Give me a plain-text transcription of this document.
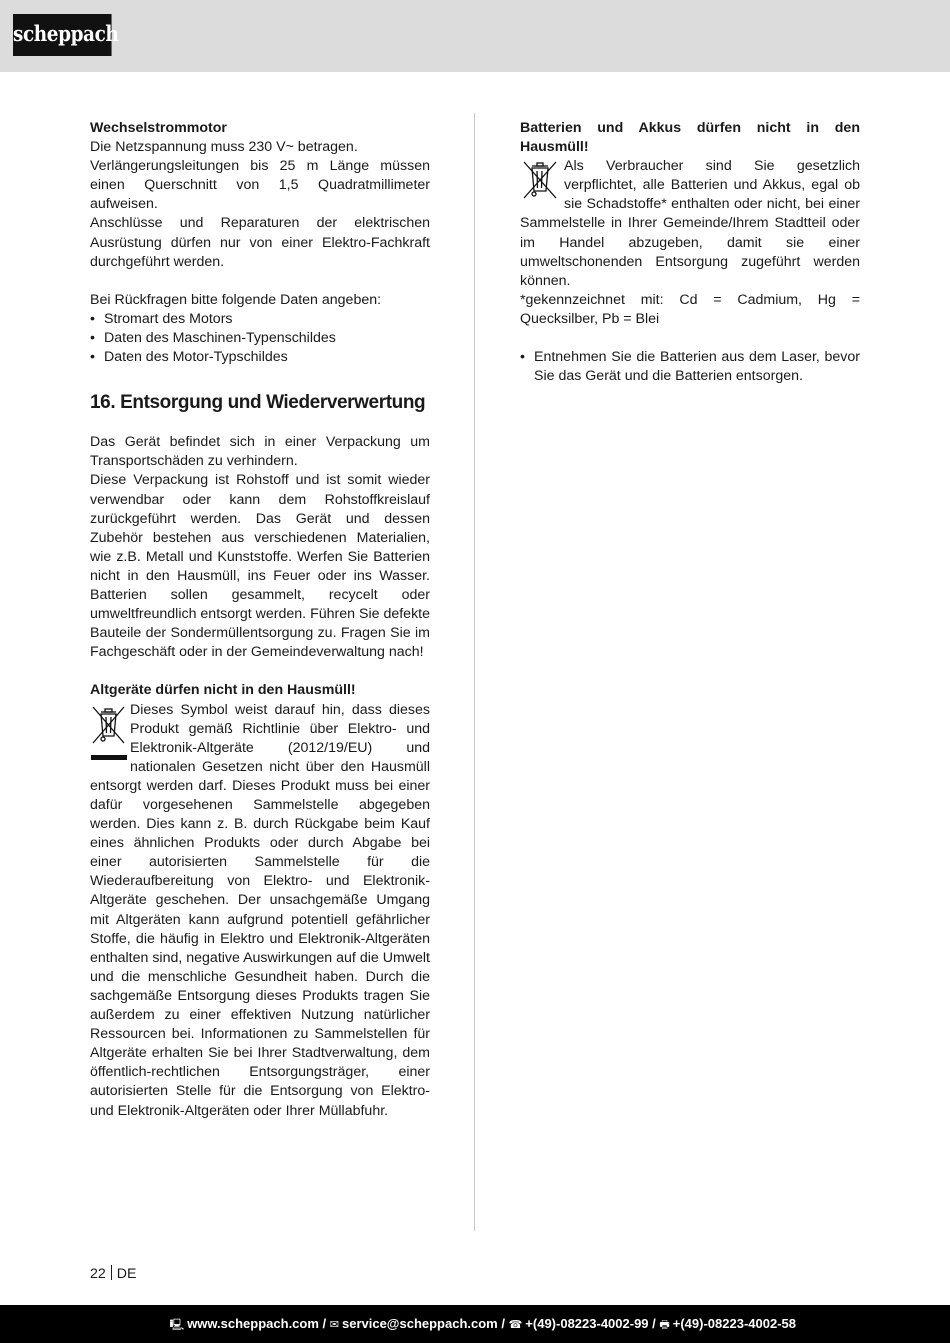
scheppach

Wechselstrommotor

Die Netzspannung muss 230 V~ betragen.

Verlängerungsleitungen bis 25 m Länge müssen einen Querschnitt von 1,5 Quadratmillimeter aufweisen.

Anschlüsse und Reparaturen der elektrischen Ausrüstung dürfen nur von einer Elektro-Fachkraft durchgeführt werden.

Bei Rückfragen bitte folgende Daten angeben:

• Stromart des Motors
• Daten des Maschinen-Typenschildes
• Daten des Motor-Typschildes
16. Entsorgung und Wiederverwertung

Das Gerät befindet sich in einer Verpackung um Transportschäden zu verhindern.

Diese Verpackung ist Rohstoff und ist somit wieder verwendbar oder kann dem Rohstoffkreislauf zurückgeführt werden. Das Gerät und dessen Zubehör bestehen aus verschiedenen Materialien, wie z.B. Metall und Kunststoffe. Werfen Sie Batterien nicht in den Hausmüll, ins Feuer oder ins Wasser. Batterien sollen gesammelt, recycelt oder umweltfreundlich entsorgt werden. Führen Sie defekte Bauteile der Sondermüllentsorgung zu. Fragen Sie im Fachgeschäft oder in der Gemeindeverwaltung nach!

Altgeräte dürfen nicht in den Hausmüll!

Dieses Symbol weist darauf hin, dass dieses Produkt gemäß Richtlinie über Elektro- und Elektronik-Altgeräte (2012/19/EU) und nationalen Gesetzen nicht über den Hausmüll entsorgt werden darf. Dieses Produkt muss bei einer dafür vorgesehenen Sammelstelle abgegeben werden. Dies kann z. B. durch Rückgabe beim Kauf eines ähnlichen Produkts oder durch Abgabe bei einer autorisierten Sammelstelle für die Wiederaufbereitung von Elektro- und Elektronik- Altgeräte geschehen. Der unsachgemäße Umgang mit Altgeräten kann aufgrund potentiell gefährlicher Stoffe, die häufig in Elektro und Elektronik-Altgeräten enthalten sind, negative Auswirkungen auf die Umwelt und die menschliche Gesundheit haben. Durch die sachgemäße Entsorgung dieses Produkts tragen Sie außerdem zu einer effektiven Nutzung natürlicher Ressourcen bei. Informationen zu Sammelstellen für Altgeräte erhalten Sie bei Ihrer Stadtverwaltung, dem öffentlich-rechtlichen Entsorgungsträger, einer autorisierten Stelle für die Entsorgung von Elektro- und Elektronik-Altgeräten oder Ihrer Müllabfuhr.

Batterien und Akkus dürfen nicht in den Hausmüll!

Als Verbraucher sind Sie gesetzlich verpflichtet, alle Batterien und Akkus, egal ob sie Schadstoffe* enthalten oder nicht, bei einer Sammelstelle in Ihrer Gemeinde/Ihrem Stadtteil oder im Handel abzugeben, damit sie einer umweltschonenden Entsorgung zugeführt werden können.

*gekennzeichnet mit: Cd = Cadmium, Hg = Quecksilber, Pb = Blei

• Entnehmen Sie die Batterien aus dem Laser, bevor Sie das Gerät und die Batterien entsorgen.
22 DE
🖳 www.scheppach.com / ✉ service@scheppach.com / ☎ +(49)-08223-4002-99 / 🖶 +(49)-08223-4002-58
